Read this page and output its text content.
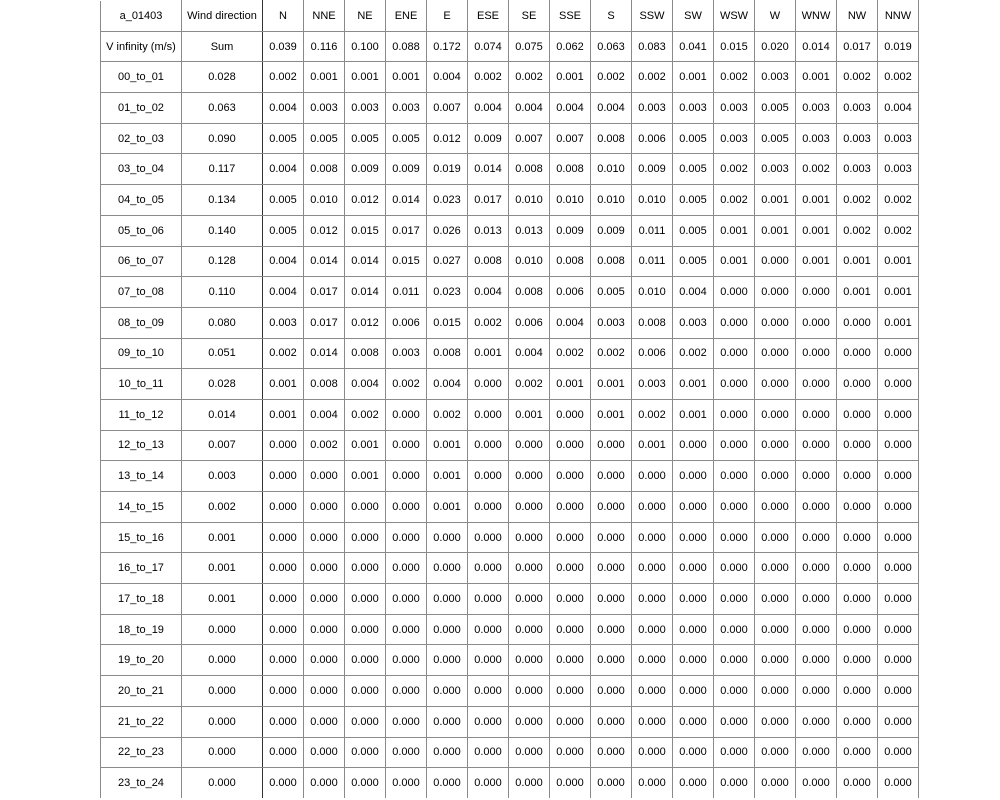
a_01403	Wind direction	N	NNE	NE	ENE	E	ESE	SE	SSE	S	SSW	SW	WSW	W	WNW	NW	NNW
V infinity (m/s)	Sum	0.039	0.116	0.100	0.088	0.172	0.074	0.075	0.062	0.063	0.083	0.041	0.015	0.020	0.014	0.017	0.019
00_to_01	0.028	0.002	0.001	0.001	0.001	0.004	0.002	0.002	0.001	0.002	0.002	0.001	0.002	0.003	0.001	0.002	0.002
01_to_02	0.063	0.004	0.003	0.003	0.003	0.007	0.004	0.004	0.004	0.004	0.003	0.003	0.003	0.005	0.003	0.003	0.004
02_to_03	0.090	0.005	0.005	0.005	0.005	0.012	0.009	0.007	0.007	0.008	0.006	0.005	0.003	0.005	0.003	0.003	0.003
03_to_04	0.117	0.004	0.008	0.009	0.009	0.019	0.014	0.008	0.008	0.010	0.009	0.005	0.002	0.003	0.002	0.003	0.003
04_to_05	0.134	0.005	0.010	0.012	0.014	0.023	0.017	0.010	0.010	0.010	0.010	0.005	0.002	0.001	0.001	0.002	0.002
05_to_06	0.140	0.005	0.012	0.015	0.017	0.026	0.013	0.013	0.009	0.009	0.011	0.005	0.001	0.001	0.001	0.002	0.002
06_to_07	0.128	0.004	0.014	0.014	0.015	0.027	0.008	0.010	0.008	0.008	0.011	0.005	0.001	0.000	0.001	0.001	0.001
07_to_08	0.110	0.004	0.017	0.014	0.011	0.023	0.004	0.008	0.006	0.005	0.010	0.004	0.000	0.000	0.000	0.001	0.001
08_to_09	0.080	0.003	0.017	0.012	0.006	0.015	0.002	0.006	0.004	0.003	0.008	0.003	0.000	0.000	0.000	0.000	0.001
09_to_10	0.051	0.002	0.014	0.008	0.003	0.008	0.001	0.004	0.002	0.002	0.006	0.002	0.000	0.000	0.000	0.000	0.000
10_to_11	0.028	0.001	0.008	0.004	0.002	0.004	0.000	0.002	0.001	0.001	0.003	0.001	0.000	0.000	0.000	0.000	0.000
11_to_12	0.014	0.001	0.004	0.002	0.000	0.002	0.000	0.001	0.000	0.001	0.002	0.001	0.000	0.000	0.000	0.000	0.000
12_to_13	0.007	0.000	0.002	0.001	0.000	0.001	0.000	0.000	0.000	0.000	0.001	0.000	0.000	0.000	0.000	0.000	0.000
13_to_14	0.003	0.000	0.000	0.001	0.000	0.001	0.000	0.000	0.000	0.000	0.000	0.000	0.000	0.000	0.000	0.000	0.000
14_to_15	0.002	0.000	0.000	0.000	0.000	0.001	0.000	0.000	0.000	0.000	0.000	0.000	0.000	0.000	0.000	0.000	0.000
15_to_16	0.001	0.000	0.000	0.000	0.000	0.000	0.000	0.000	0.000	0.000	0.000	0.000	0.000	0.000	0.000	0.000	0.000
16_to_17	0.001	0.000	0.000	0.000	0.000	0.000	0.000	0.000	0.000	0.000	0.000	0.000	0.000	0.000	0.000	0.000	0.000
17_to_18	0.001	0.000	0.000	0.000	0.000	0.000	0.000	0.000	0.000	0.000	0.000	0.000	0.000	0.000	0.000	0.000	0.000
18_to_19	0.000	0.000	0.000	0.000	0.000	0.000	0.000	0.000	0.000	0.000	0.000	0.000	0.000	0.000	0.000	0.000	0.000
19_to_20	0.000	0.000	0.000	0.000	0.000	0.000	0.000	0.000	0.000	0.000	0.000	0.000	0.000	0.000	0.000	0.000	0.000
20_to_21	0.000	0.000	0.000	0.000	0.000	0.000	0.000	0.000	0.000	0.000	0.000	0.000	0.000	0.000	0.000	0.000	0.000
21_to_22	0.000	0.000	0.000	0.000	0.000	0.000	0.000	0.000	0.000	0.000	0.000	0.000	0.000	0.000	0.000	0.000	0.000
22_to_23	0.000	0.000	0.000	0.000	0.000	0.000	0.000	0.000	0.000	0.000	0.000	0.000	0.000	0.000	0.000	0.000	0.000
23_to_24	0.000	0.000	0.000	0.000	0.000	0.000	0.000	0.000	0.000	0.000	0.000	0.000	0.000	0.000	0.000	0.000	0.000
